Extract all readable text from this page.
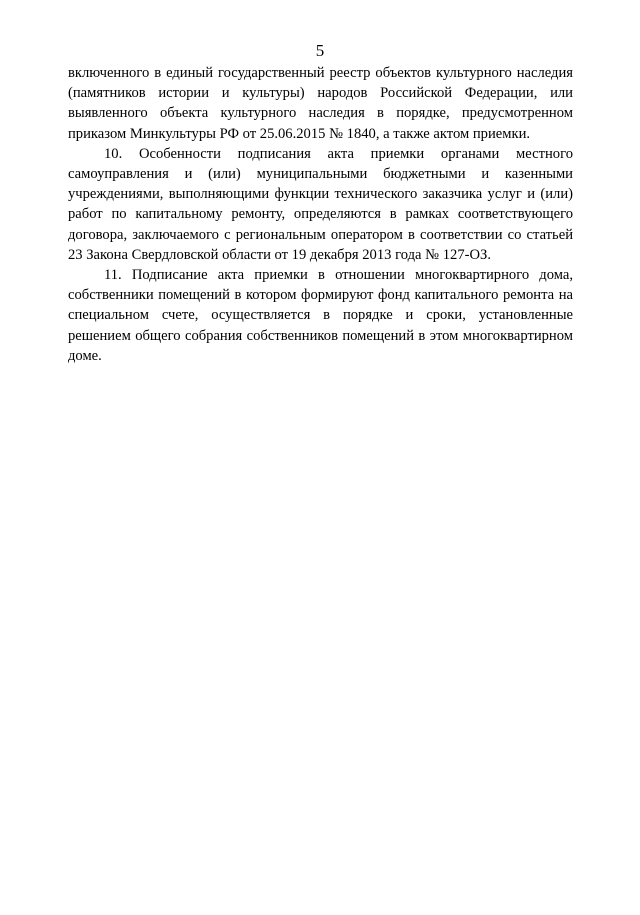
5

включенного в единый государственный реестр объектов культурного наследия (памятников истории и культуры) народов Российской Федерации, или выявленного объекта культурного наследия в порядке, предусмотренном приказом Минкультуры РФ от 25.06.2015 № 1840, а также актом приемки.

10. Особенности подписания акта приемки органами местного самоуправления и (или) муниципальными бюджетными и казенными учреждениями, выполняющими функции технического заказчика услуг и (или) работ по капитальному ремонту, определяются в рамках соответствующего договора, заключаемого с региональным оператором в соответствии со статьей 23 Закона Свердловской области от 19 декабря 2013 года № 127-ОЗ.

11. Подписание акта приемки в отношении многоквартирного дома, собственники помещений в котором формируют фонд капитального ремонта на специальном счете, осуществляется в порядке и сроки, установленные решением общего собрания собственников помещений в этом многоквартирном доме.
